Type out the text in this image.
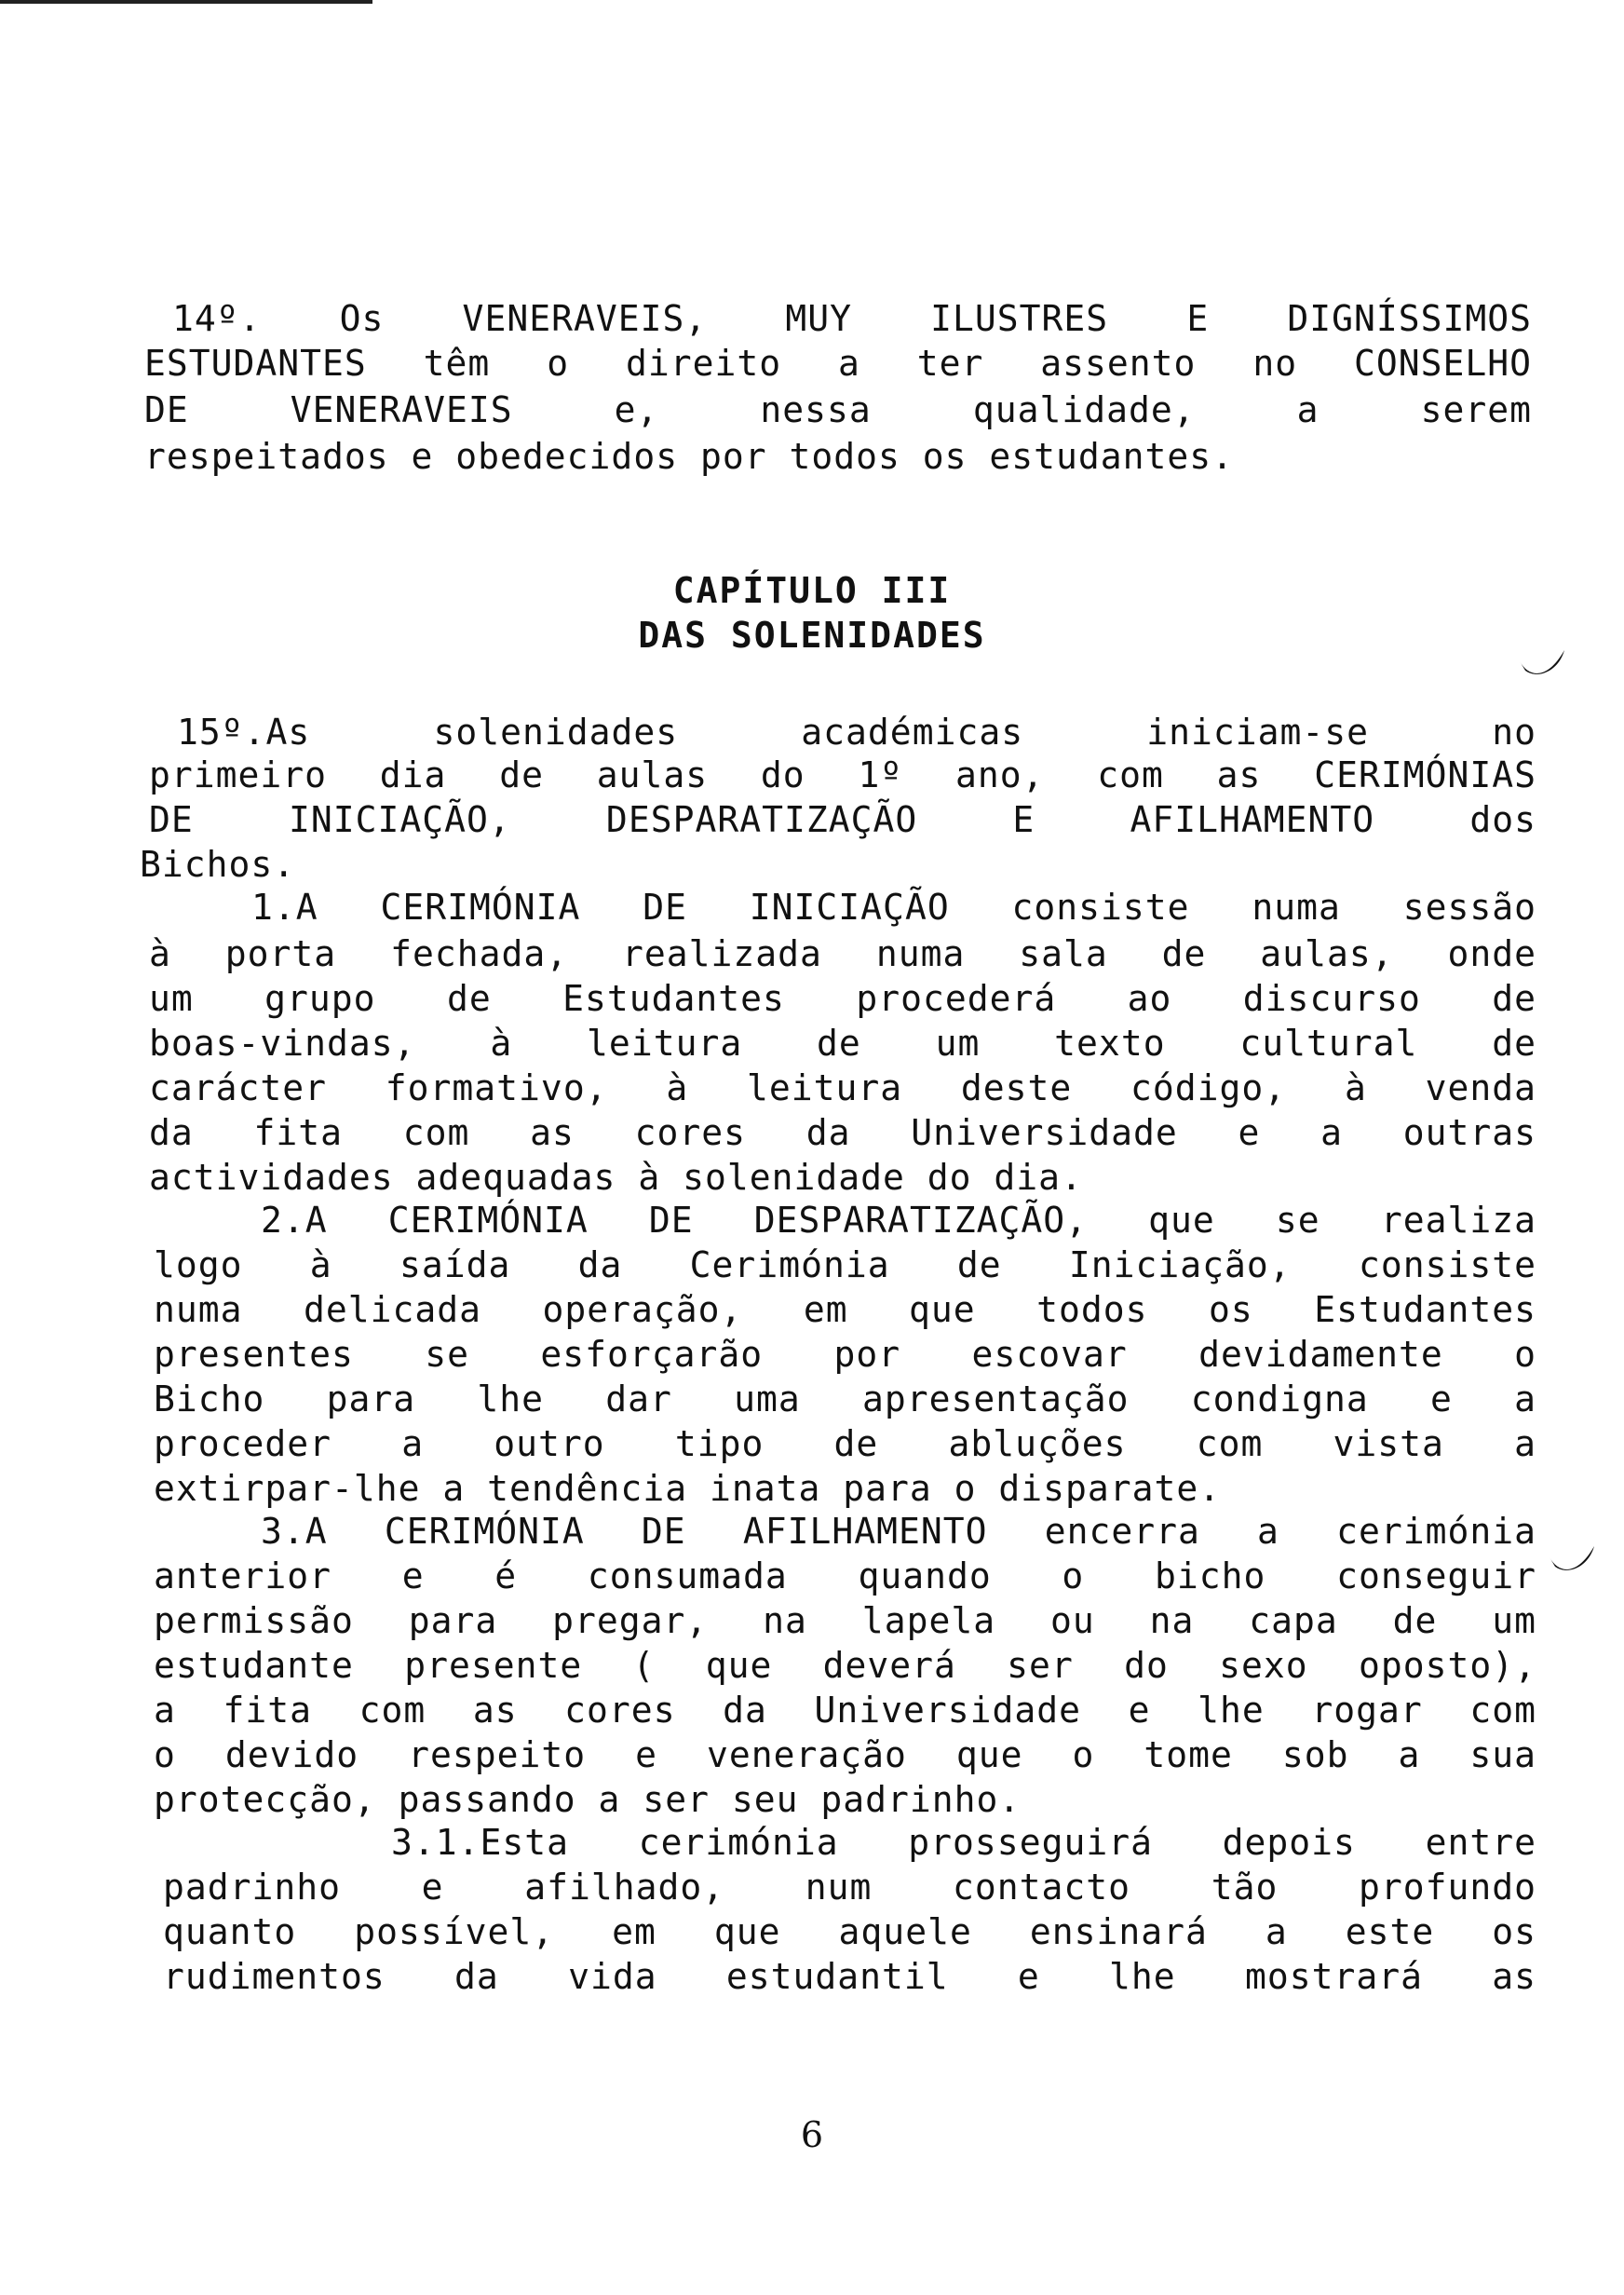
14º. Os VENERAVEIS, MUY ILUSTRES E DIGNÍSSIMOS
ESTUDANTES têm o direito a ter assento no CONSELHO
DE VENERAVEIS e, nessa qualidade, a serem
respeitados e obedecidos por todos os estudantes.
CAPÍTULO III
DAS SOLENIDADES
15º.As solenidades académicas iniciam-se no
primeiro dia de aulas do 1º ano, com as CERIMÓNIAS
DE INICIAÇÃO, DESPARATIZAÇÃO E AFILHAMENTO dos
Bichos.
1.A CERIMÓNIA DE INICIAÇÃO consiste numa sessão
à porta fechada, realizada numa sala de aulas, onde
um grupo de Estudantes procederá ao discurso de
boas-vindas, à leitura de um texto cultural de
carácter formativo, à leitura deste código, à venda
da fita com as cores da Universidade e a outras
actividades adequadas à solenidade do dia.
2.A CERIMÓNIA DE DESPARATIZAÇÃO, que se realiza
logo à saída da Cerimónia de Iniciação, consiste
numa delicada operação, em que todos os Estudantes
presentes se esforçarão por escovar devidamente o
Bicho para lhe dar uma apresentação condigna e a
proceder a outro tipo de abluções com vista a
extirpar-lhe a tendência inata para o disparate.
3.A CERIMÓNIA DE AFILHAMENTO encerra a cerimónia
anterior e é consumada quando o bicho conseguir
permissão para pregar, na lapela ou na capa de um
estudante presente ( que deverá ser do sexo oposto),
a fita com as cores da Universidade e lhe rogar com
o devido respeito e veneração que o tome sob a sua
protecção, passando a ser seu padrinho.
3.1.Esta cerimónia prosseguirá depois entre
padrinho e afilhado, num contacto tão profundo
quanto possível, em que aquele ensinará a este os
rudimentos da vida estudantil e lhe mostrará as
6
